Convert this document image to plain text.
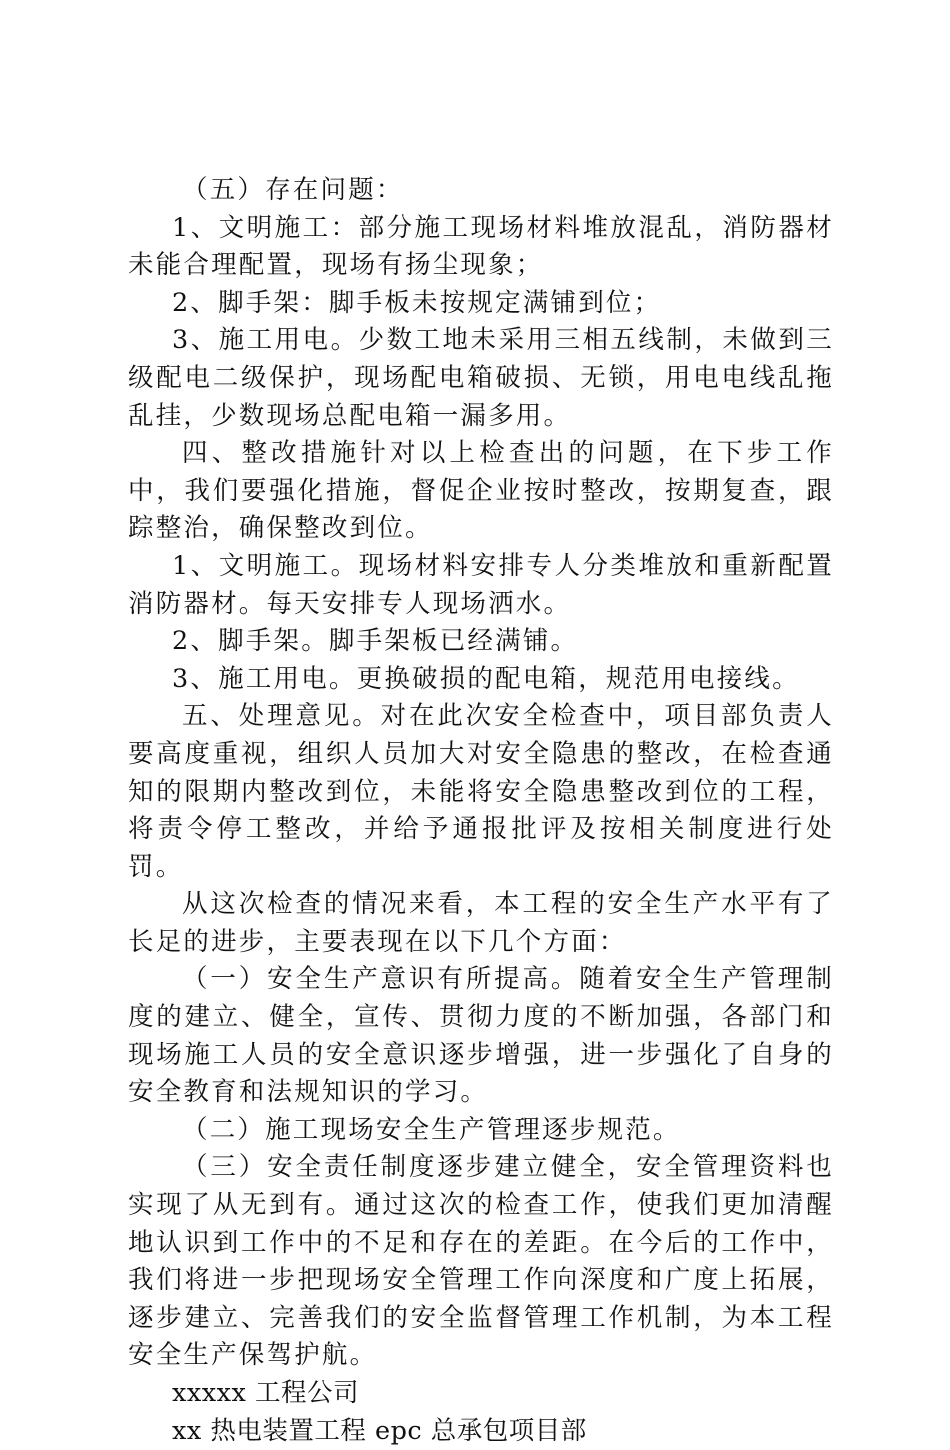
（五）存在问题：

1、文明施工：部分施工现场材料堆放混乱，消防器材未能合理配置，现场有扬尘现象；

2、脚手架：脚手板未按规定满铺到位；

3、施工用电。少数工地未采用三相五线制，未做到三级配电二级保护，现场配电箱破损、无锁，用电电线乱拖乱挂，少数现场总配电箱一漏多用。

四、整改措施针对以上检查出的问题，在下步工作中，我们要强化措施，督促企业按时整改，按期复查，跟踪整治，确保整改到位。

1、文明施工。现场材料安排专人分类堆放和重新配置消防器材。每天安排专人现场洒水。

2、脚手架。脚手架板已经满铺。

3、施工用电。更换破损的配电箱，规范用电接线。

五、处理意见。对在此次安全检查中，项目部负责人要高度重视，组织人员加大对安全隐患的整改，在检查通知的限期内整改到位，未能将安全隐患整改到位的工程，将责令停工整改，并给予通报批评及按相关制度进行处罚。

从这次检查的情况来看，本工程的安全生产水平有了长足的进步，主要表现在以下几个方面：

（一）安全生产意识有所提高。随着安全生产管理制度的建立、健全，宣传、贯彻力度的不断加强，各部门和现场施工人员的安全意识逐步增强，进一步强化了自身的安全教育和法规知识的学习。

（二）施工现场安全生产管理逐步规范。

（三）安全责任制度逐步建立健全，安全管理资料也实现了从无到有。通过这次的检查工作，使我们更加清醒地认识到工作中的不足和存在的差距。在今后的工作中，我们将进一步把现场安全管理工作向深度和广度上拓展，逐步建立、完善我们的安全监督管理工作机制，为本工程安全生产保驾护航。

xxxxx 工程公司

xx 热电装置工程 epc 总承包项目部
